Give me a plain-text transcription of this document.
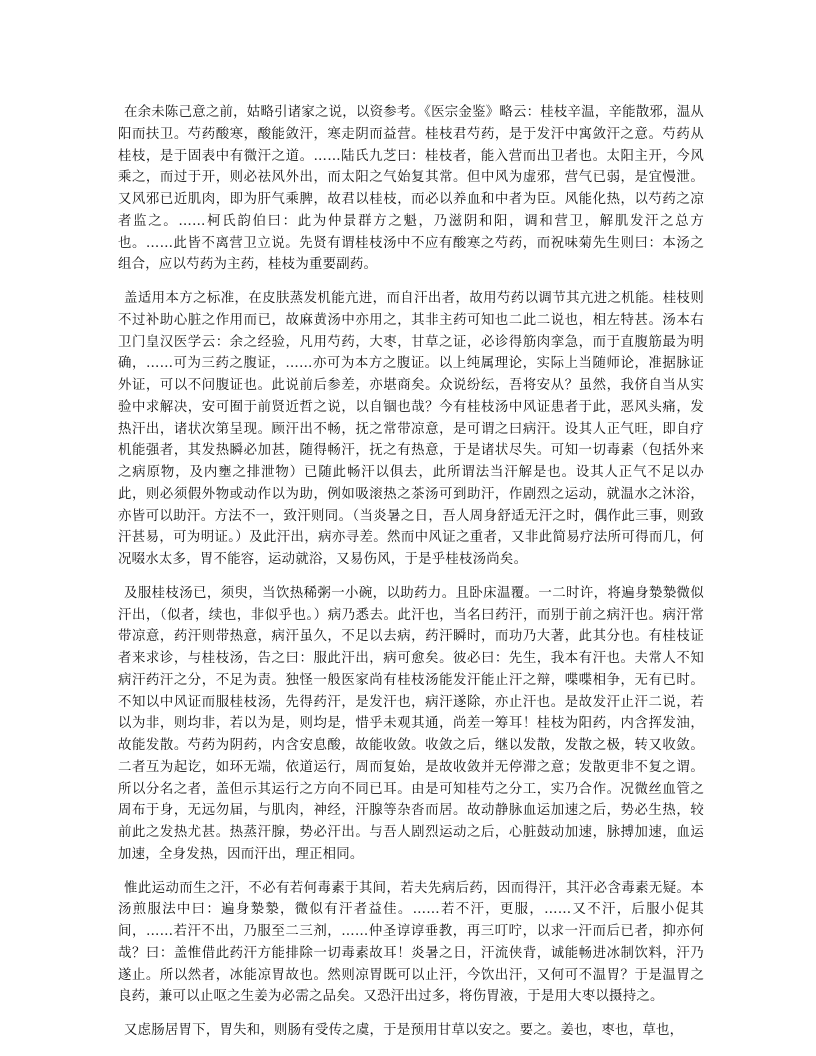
在余未陈己意之前，姑略引诸家之说，以资参考。《医宗金鉴》略云：桂枝辛温，辛能散邪，温从阳而扶卫。芍药酸寒，酸能敛汗，寒走阴而益营。桂枝君芍药，是于发汗中寓敛汗之意。芍药从桂枝，是于固表中有微汗之道。……陆氏九芝曰：桂枝者，能入营而出卫者也。太阳主开，今风乘之，而过于开，则必祛风外出，而太阳之气始复其常。但中风为虚邪，营气已弱，是宜慢泄。又风邪已近肌肉，即为肝气乘脾，故君以桂枝，而必以养血和中者为臣。风能化热，以芍药之凉者监之。……柯氏韵伯曰：此为仲景群方之魁，乃滋阴和阳，调和营卫，解肌发汗之总方也。……此皆不离营卫立说。先贤有谓桂枝汤中不应有酸寒之芍药，而祝味菊先生则曰：本汤之组合，应以芍药为主药，桂枝为重要副药。

盖适用本方之标准，在皮肤蒸发机能亢进，而自汗出者，故用芍药以调节其亢进之机能。桂枝则不过补助心脏之作用而已，故麻黄汤中亦用之，其非主药可知也二此二说也，相左特甚。汤本右卫门皇汉医学云：余之经验，凡用芍药，大枣，甘草之证，必诊得筋肉挛急，而于直腹筋最为明确，……可为三药之腹证，……亦可为本方之腹证。以上纯属理论，实际上当随师论，准据脉证外证，可以不问腹证也。此说前后参差，亦堪商矣。众说纷纭，吾将安从？虽然，我侪自当从实验中求解决，安可囿于前贤近哲之说，以自锢也哉？今有桂枝汤中风证患者于此，恶风头痛，发热汗出，诸状次第呈现。顾汗出不畅，抚之常带凉意，是可谓之曰病汗。设其人正气旺，即自疗机能强者，其发热瞬必加甚，随得畅汗，抚之有热意，于是诸状尽失。可知一切毒素（包括外来之病原物，及内壅之排泄物）已随此畅汗以俱去，此所谓法当汗解是也。设其人正气不足以办此，则必须假外物或动作以为助，例如吸滚热之茶汤可到助汗，作剧烈之运动，就温水之沐浴，亦皆可以助汗。方法不一，致汗则同。（当炎暑之日，吾人周身舒适无汗之时，偶作此三事，则致汗甚易，可为明证。）及此汗出，病亦寻差。然而中风证之重者，又非此简易疗法所可得而几，何况啜水太多，胃不能容，运动就浴，又易伤风，于是乎桂枝汤尚矣。

及服桂枝汤已，须臾，当饮热稀粥一小碗，以助药力。且卧床温覆。一二时许，将遍身漐漐微似汗出，（似者，续也，非似乎也。）病乃悉去。此汗也，当名曰药汗，而别于前之病汗也。病汗常带凉意，药汗则带热意，病汗虽久，不足以去病，药汗瞬时，而功乃大著，此其分也。有桂枝证者来求诊，与桂枝汤，告之曰：服此汗出，病可愈矣。彼必曰：先生，我本有汗也。夫常人不知病汗药汗之分，不足为责。独怪一般医家尚有桂枝汤能发汗能止汗之辩，喋喋相争，无有已时。不知以中风证而服桂枝汤，先得药汗，是发汗也，病汗遂除，亦止汗也。是故发汗止汗二说，若以为非，则均非，若以为是，则均是，惜乎未观其通，尚差一筹耳！桂枝为阳药，内含挥发油，故能发散。芍药为阴药，内含安息酸，故能收敛。收敛之后，继以发散，发散之极，转又收敛。二者互为起讫，如环无端，依道运行，周而复始，是故收敛并无停滞之意；发散更非不复之谓。所以分名之者，盖但示其运行之方向不同已耳。由是可知桂芍之分工，实乃合作。况微丝血管之周布于身，无远勿届，与肌肉，神经，汗腺等杂沓而居。故动静脉血运加速之后，势必生热，较前此之发热尤甚。热蒸汗腺，势必汗出。与吾人剧烈运动之后，心脏鼓动加速，脉搏加速，血运加速，全身发热，因而汗出，理正相同。

惟此运动而生之汗，不必有若何毒素于其间，若夫先病后药，因而得汗，其汗必含毒素无疑。本汤煎服法中曰：遍身漐漐，微似有汗者益佳。……若不汗，更服，……又不汗，后服小促其间，……若汗不出，乃服至二三剂，……仲圣谆谆垂教，再三叮咛，以求一汗而后已者，抑亦何哉？曰：盖惟借此药汗方能排除一切毒素故耳！炎暑之日，汗流侠背，诚能畅进冰制饮料，汗乃遂止。所以然者，冰能凉胃故也。然则凉胃既可以止汗，今饮出汗，又何可不温胃？于是温胃之良药，兼可以止呕之生姜为必需之品矣。又恐汗出过多，将伤胃液，于是用大枣以摄持之。

又虑肠居胃下，胃失和，则肠有受传之虞，于是预用甘草以安之。要之。姜也，枣也，草也，
